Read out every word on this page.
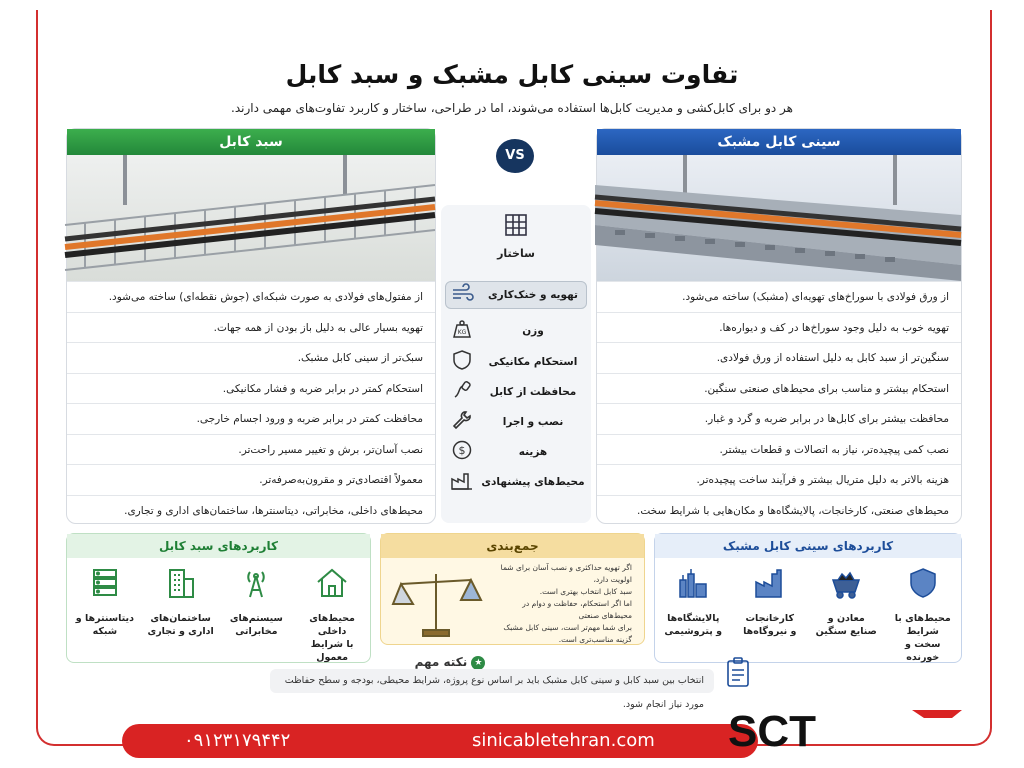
تفاوت سینی کابل مشبک و سبد کابل
هر دو برای کابل‌کشی و مدیریت کابل‌ها استفاده می‌شوند، اما در طراحی، ساختار و کاربرد تفاوت‌های مهمی دارند.
سینی کابل مشبک
از ورق فولادی با سوراخ‌های تهویه‌ای (مشبک) ساخته می‌شود.
تهویه خوب به دلیل وجود سوراخ‌ها در کف و دیواره‌ها.
سنگین‌تر از سبد کابل به دلیل استفاده از ورق فولادی.
استحکام بیشتر و مناسب برای محیط‌های صنعتی سنگین.
محافظت بیشتر برای کابل‌ها در برابر ضربه و گرد و غبار.
نصب کمی پیچیده‌تر، نیاز به اتصالات و قطعات بیشتر.
هزینه بالاتر به دلیل متریال بیشتر و فرآیند ساخت پیچیده‌تر.
محیط‌های صنعتی، کارخانجات، پالایشگاه‌ها و مکان‌هایی با شرایط سخت.
سبد کابل
از مفتول‌های فولادی به صورت شبکه‌ای (جوش نقطه‌ای) ساخته می‌شود.
تهویه بسیار عالی به دلیل باز بودن از همه جهات.
سبک‌تر از سینی کابل مشبک.
استحکام کمتر در برابر ضربه و فشار مکانیکی.
محافظت کمتر در برابر ضربه و ورود اجسام خارجی.
نصب آسان‌تر، برش و تغییر مسیر راحت‌تر.
معمولاً اقتصادی‌تر و مقرون‌به‌صرفه‌تر.
محیط‌های داخلی، مخابراتی، دیتاسنترها، ساختمان‌های اداری و تجاری.
VS
ساختار
تهویه و خنک‌کاری
وزن
KG
استحکام مکانیکی
محافظت از کابل
نصب و اجرا
هزینه
$
محیط‌های پیشنهادی
کاربردهای سبد کابل
محیط‌های داخلی
با شرایط معمول
سیستم‌های
مخابراتی
ساختمان‌های
اداری و تجاری
دیتاسنترها و
شبکه
جمع‌بندی
اگر تهویه حداکثری و نصب آسان برای شما اولویت دارد،
سبد کابل انتخاب بهتری است.
اما اگر استحکام، حفاظت و دوام در محیط‌های صنعتی
برای شما مهم‌تر است، سینی کابل مشبک گزینه مناسب‌تری است.
کاربردهای سینی کابل مشبک
محیط‌های با شرایط
سخت و خورنده
معادن و
صنایع سنگین
کارخانجات
و نیروگاه‌ها
پالایشگاه‌ها
و پتروشیمی
★ نکته مهم
انتخاب بین سبد کابل و سینی کابل مشبک باید بر اساس نوع پروژه، شرایط محیطی، بودجه و سطح حفاظت مورد نیاز انجام شود.
sinicabletehran.com
۰۹۱۲۳۱۷۹۴۴۲	SCT
